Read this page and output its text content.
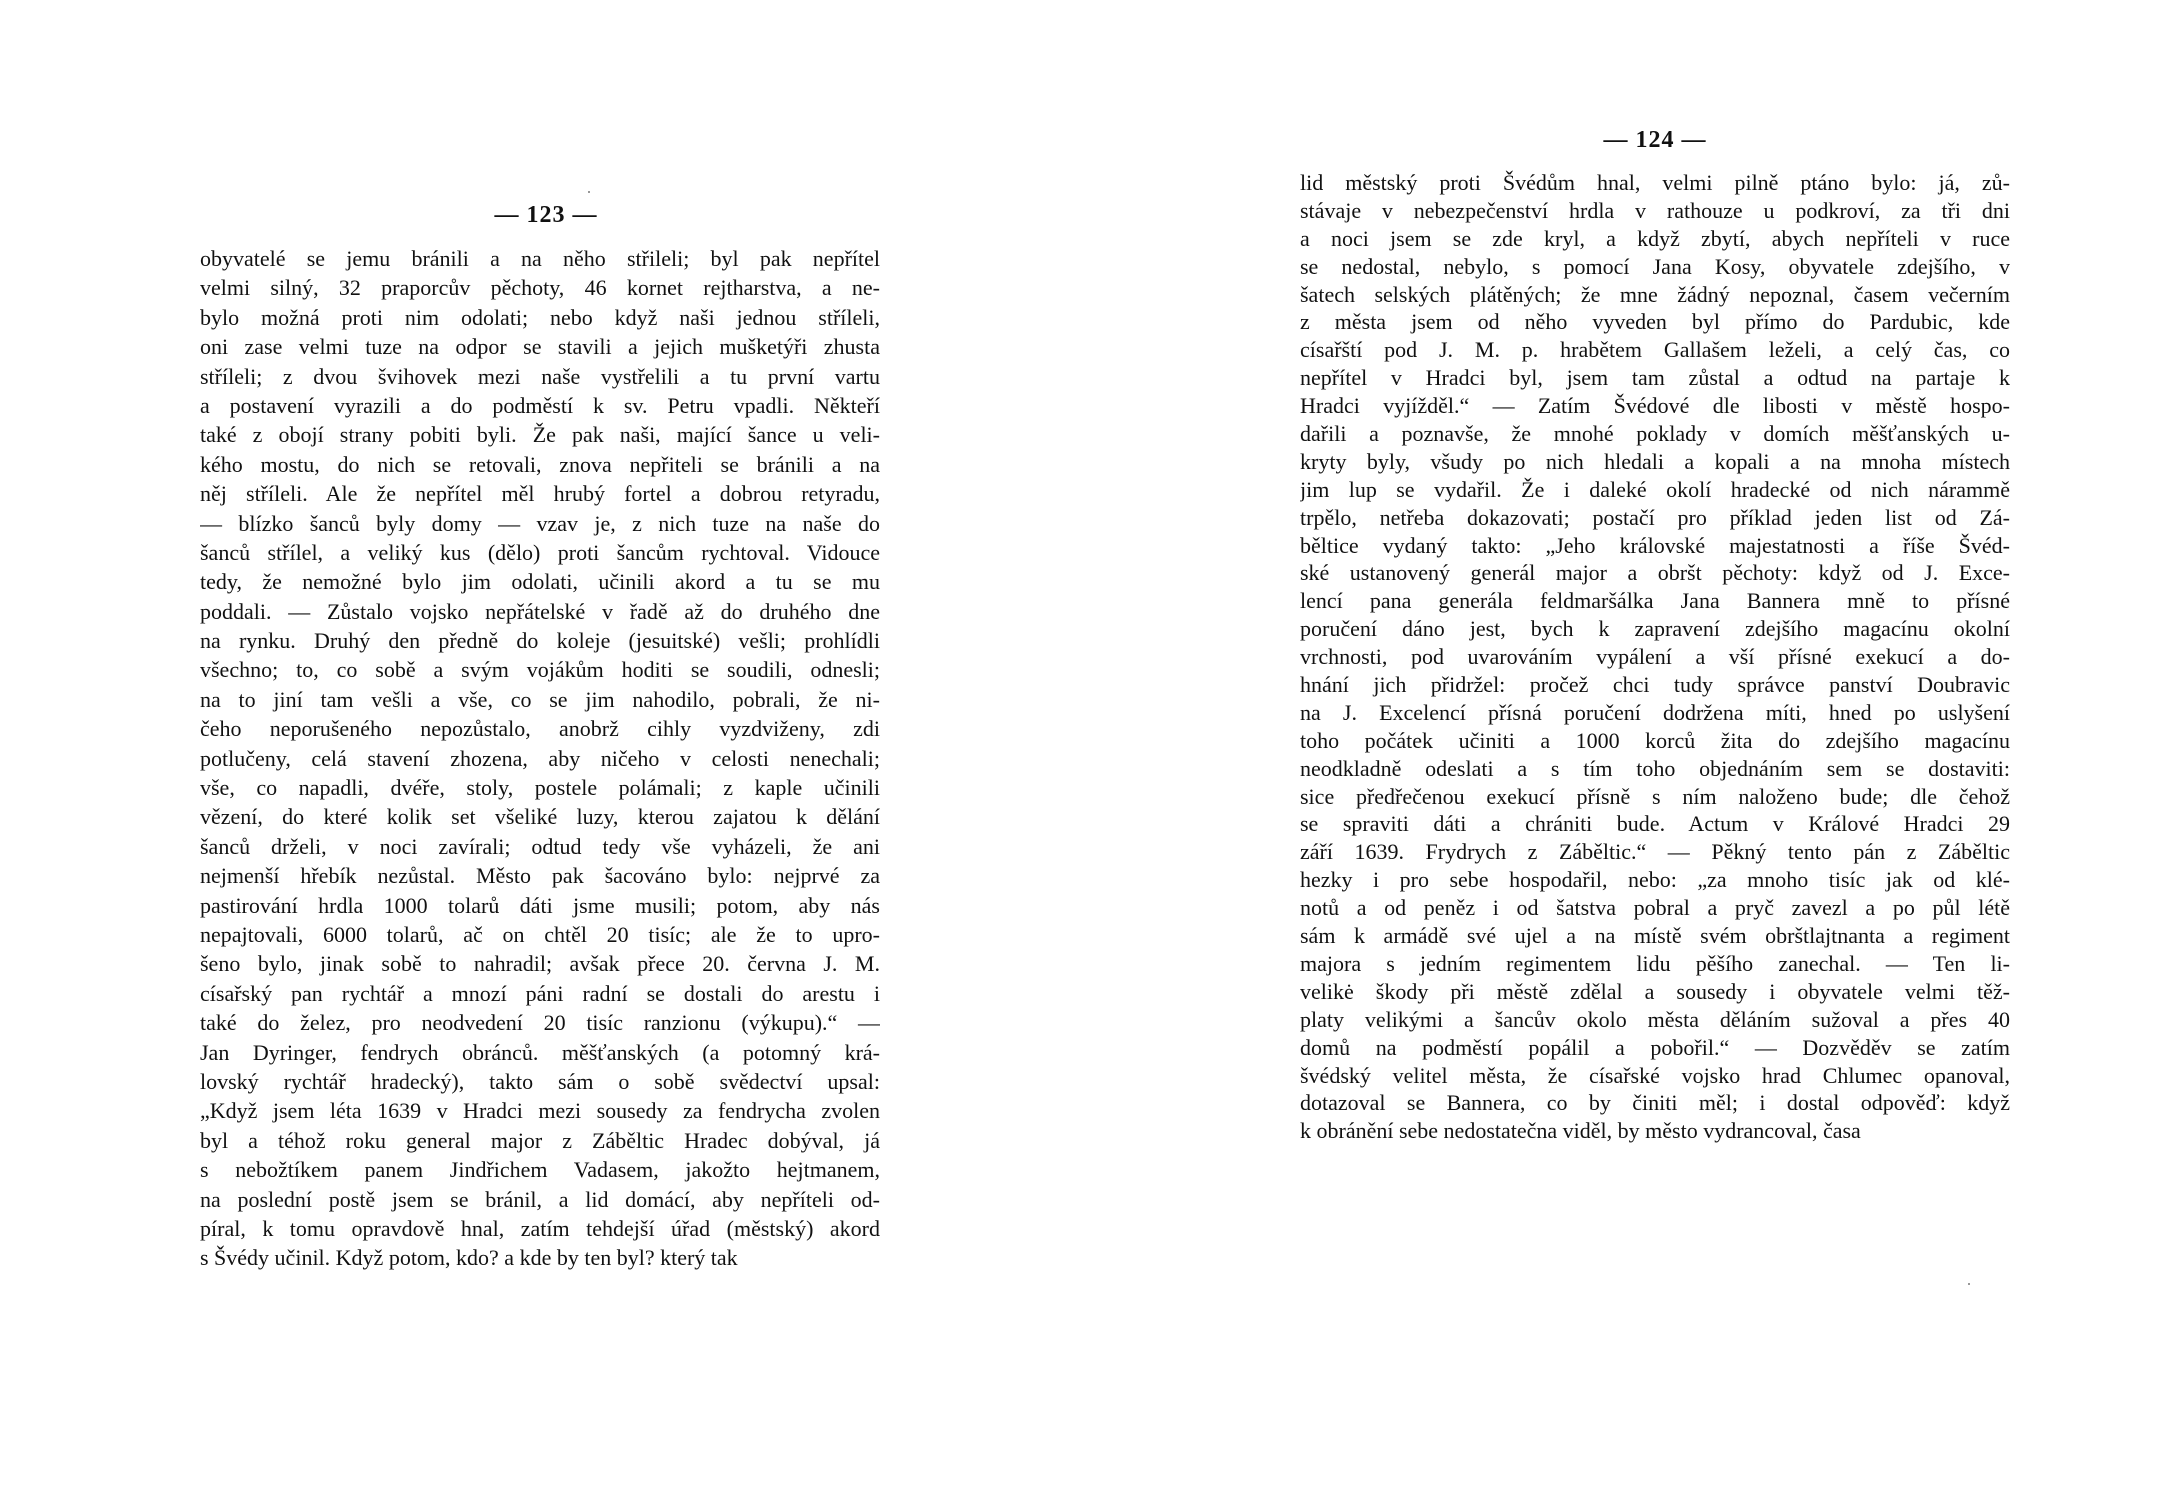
— 123 —
obyvatelé se jemu bránili a na něho střileli; byl pak nepřítel
velmi silný, 32 praporcův pěchoty, 46 kornet rejtharstva, a ne-
bylo možná proti nim odolati; nebo když naši jednou stříleli,
oni zase velmi tuze na odpor se stavili a jejich mušketýři zhusta
stříleli; z dvou švihovek mezi naše vystřelili a tu první vartu
a postavení vyrazili a do podměstí k sv. Petru vpadli. Někteří
také z obojí strany pobiti byli. Že pak naši, mající šance u veli-
kého mostu, do nich se retovali, znova nepřiteli se bránili a na
něj stříleli. Ale že nepřítel měl hrubý fortel a dobrou retyradu,
— blízko šanců byly domy — vzav je, z nich tuze na naše do
šanců střílel, a veliký kus (dělo) proti šancům rychtoval. Vidouce
tedy, že nemožné bylo jim odolati, učinili akord a tu se mu
poddali. — Zůstalo vojsko nepřátelské v řadě až do druhého dne
na rynku. Druhý den předně do koleje (jesuitské) vešli; prohlídli
všechno; to, co sobě a svým vojákům hoditi se soudili, odnesli;
na to jiní tam vešli a vše, co se jim nahodilo, pobrali, že ni-
čeho neporušeného nepozůstalo, anobrž cihly vyzdviženy, zdi
potlučeny, celá stavení zhozena, aby ničeho v celosti nenechali;
vše, co napadli, dvéře, stoly, postele polámali; z kaple učinili
vězení, do které kolik set všeliké luzy, kterou zajatou k dělání
šanců drželi, v noci zavírali; odtud tedy vše vyházeli, že ani
nejmenší hřebík nezůstal. Město pak šacováno bylo: nejprvé za
pastirování hrdla 1000 tolarů dáti jsme musili; potom, aby nás
nepajtovali, 6000 tolarů, ač on chtěl 20 tisíc; ale že to upro-
šeno bylo, jinak sobě to nahradil; avšak přece 20. června J. M.
císařský pan rychtář a mnozí páni radní se dostali do arestu i
také do želez, pro neodvedení 20 tisíc ranzionu (výkupu).“ —
Jan Dyringer, fendrych obránců. měšťanských (a potomný krá-
lovský rychtář hradecký), takto sám o sobě svědectví upsal:
„Když jsem léta 1639 v Hradci mezi sousedy za fendrycha zvolen
byl a téhož roku general major z Záběltic Hradec dobýval, já
s nebožtíkem panem Jindřichem Vadasem, jakožto hejtmanem,
na poslední postě jsem se bránil, a lid domácí, aby nepříteli od-
píral, k tomu opravdově hnal, zatím tehdejší úřad (městský) akord
s Švédy učinil. Když potom, kdo? a kde by ten byl? který tak
— 124 —
lid městský proti Švédům hnal, velmi pilně ptáno bylo: já, zů-
stávaje v nebezpečenství hrdla v rathouze u podkroví, za tři dni
a noci jsem se zde kryl, a když zbytí, abych nepříteli v ruce
se nedostal, nebylo, s pomocí Jana Kosy, obyvatele zdejšího, v
šatech selských plátěných; že mne žádný nepoznal, časem večerním
z města jsem od něho vyveden byl přímo do Pardubic, kde
císařští pod J. M. p. hrabětem Gallašem leželi, a celý čas, co
nepřítel v Hradci byl, jsem tam zůstal a odtud na partaje k
Hradci vyjížděl.“ — Zatím Švédové dle libosti v městě hospo-
dařili a poznavše, že mnohé poklady v domích měšťanských u-
kryty byly, všudy po nich hledali a kopali a na mnoha místech
jim lup se vydařil. Že i daleké okolí hradecké od nich nárammě
trpělo, netřeba dokazovati; postačí pro příklad jeden list od Zá-
běltice vydaný takto: „Jeho královské majestatnosti a říše Švéd-
ské ustanovený generál major a obršt pěchoty: když od J. Exce-
lencí pana generála feldmaršálka Jana Bannera mně to přísné
poručení dáno jest, bych k zapravení zdejšího magacínu okolní
vrchnosti, pod uvarováním vypálení a vší přísné exekucí a do-
hnání jich přidržel: pročež chci tudy správce panství Doubravic
na J. Excelencí přísná poručení dodržena míti, hned po uslyšení
toho počátek učiniti a 1000 korců žita do zdejšího magacínu
neodkladně odeslati a s tím toho objednáním sem se dostaviti:
sice předřečenou exekucí přísně s ním naloženo bude; dle čehož
se spraviti dáti a chrániti bude. Actum v Králové Hradci 29
září 1639. Frydrych z Záběltic.“ — Pěkný tento pán z Záběltic
hezky i pro sebe hospodařil, nebo: „za mnoho tisíc jak od klé-
notů a od peněz i od šatstva pobral a pryč zavezl a po půl létě
sám k armádě své ujel a na místě svém obrštlajtnanta a regiment
majora s jedním regimentem lidu pěšího zanechal. — Ten li-
velikė škody při městě zdělal a sousedy i obyvatele velmi těž-
platy velikými a šancův okolo města děláním sužoval a přes 40
domů na podměstí popálil a pobořil.“ — Dozvěděv se zatím
švédský velitel města, že císařské vojsko hrad Chlumec opanoval,
dotazoval se Bannera, co by činiti měl; i dostal odpověď: když
k obránění sebe nedostatečna viděl, by město vydrancoval, časa
